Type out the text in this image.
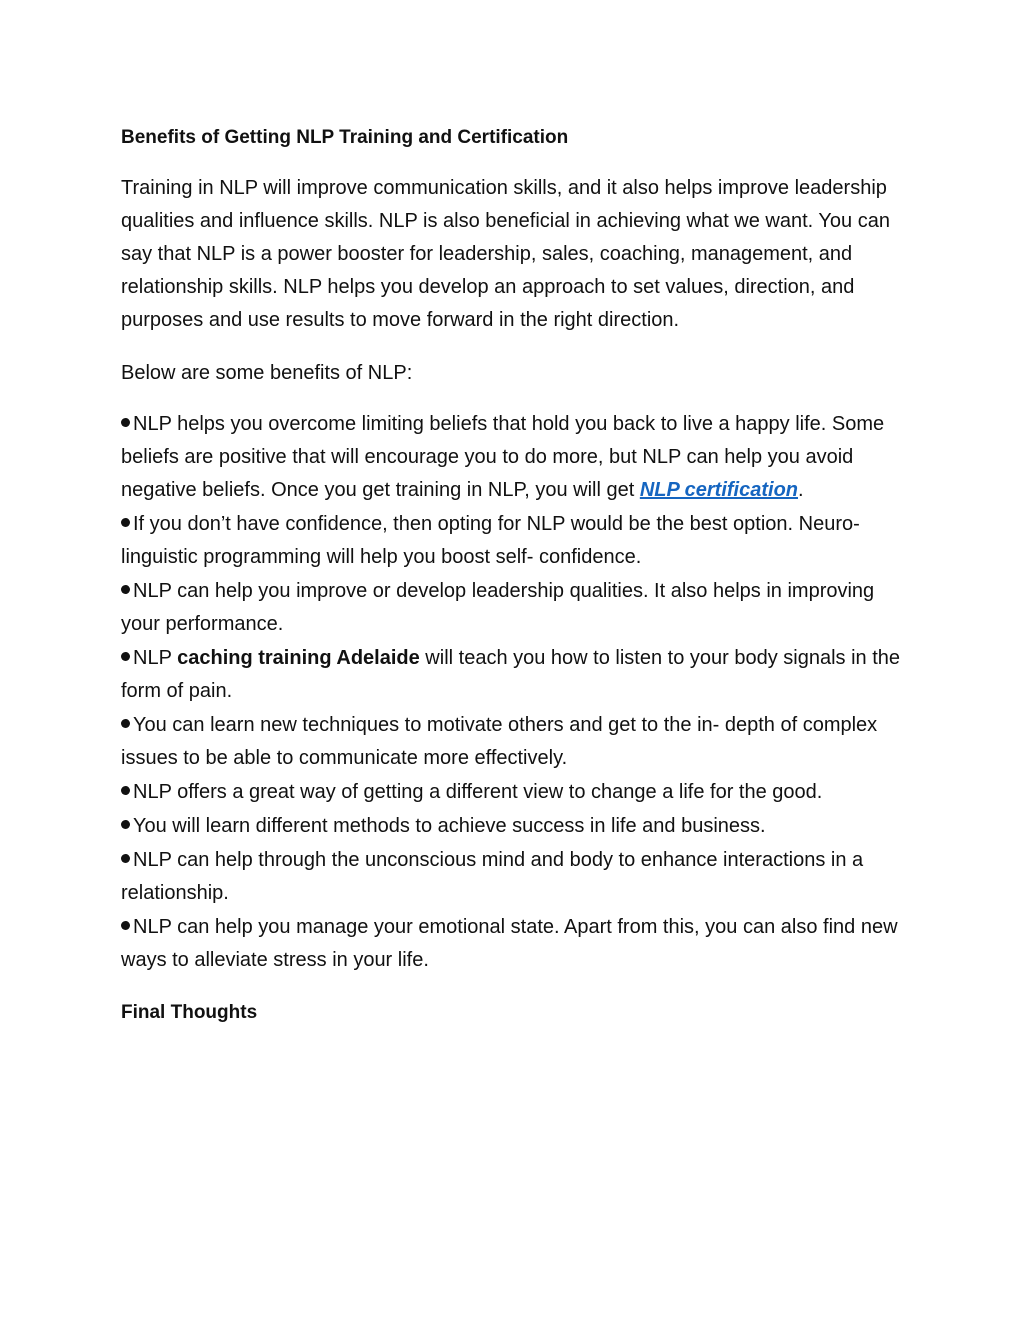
Benefits of Getting NLP Training and Certification

Training in NLP will improve communication skills, and it also helps improve leadership qualities and influence skills. NLP is also beneficial in achieving what we want. You can say that NLP is a power booster for leadership, sales, coaching, management, and relationship skills. NLP helps you develop an approach to set values, direction, and purposes and use results to move forward in the right direction.

Below are some benefits of NLP:

NLP helps you overcome limiting beliefs that hold you back to live a happy life. Some beliefs are positive that will encourage you to do more, but NLP can help you avoid negative beliefs. Once you get training in NLP, you will get NLP certification.

If you don’t have confidence, then opting for NLP would be the best option. Neuro-linguistic programming will help you boost self- confidence.

NLP can help you improve or develop leadership qualities. It also helps in improving your performance.

NLP caching training Adelaide will teach you how to listen to your body signals in the form of pain.

You can learn new techniques to motivate others and get to the in- depth of complex issues to be able to communicate more effectively.

NLP offers a great way of getting a different view to change a life for the good.

You will learn different methods to achieve success in life and business.

NLP can help through the unconscious mind and body to enhance interactions in a relationship.

NLP can help you manage your emotional state. Apart from this, you can also find new ways to alleviate stress in your life.

Final Thoughts
